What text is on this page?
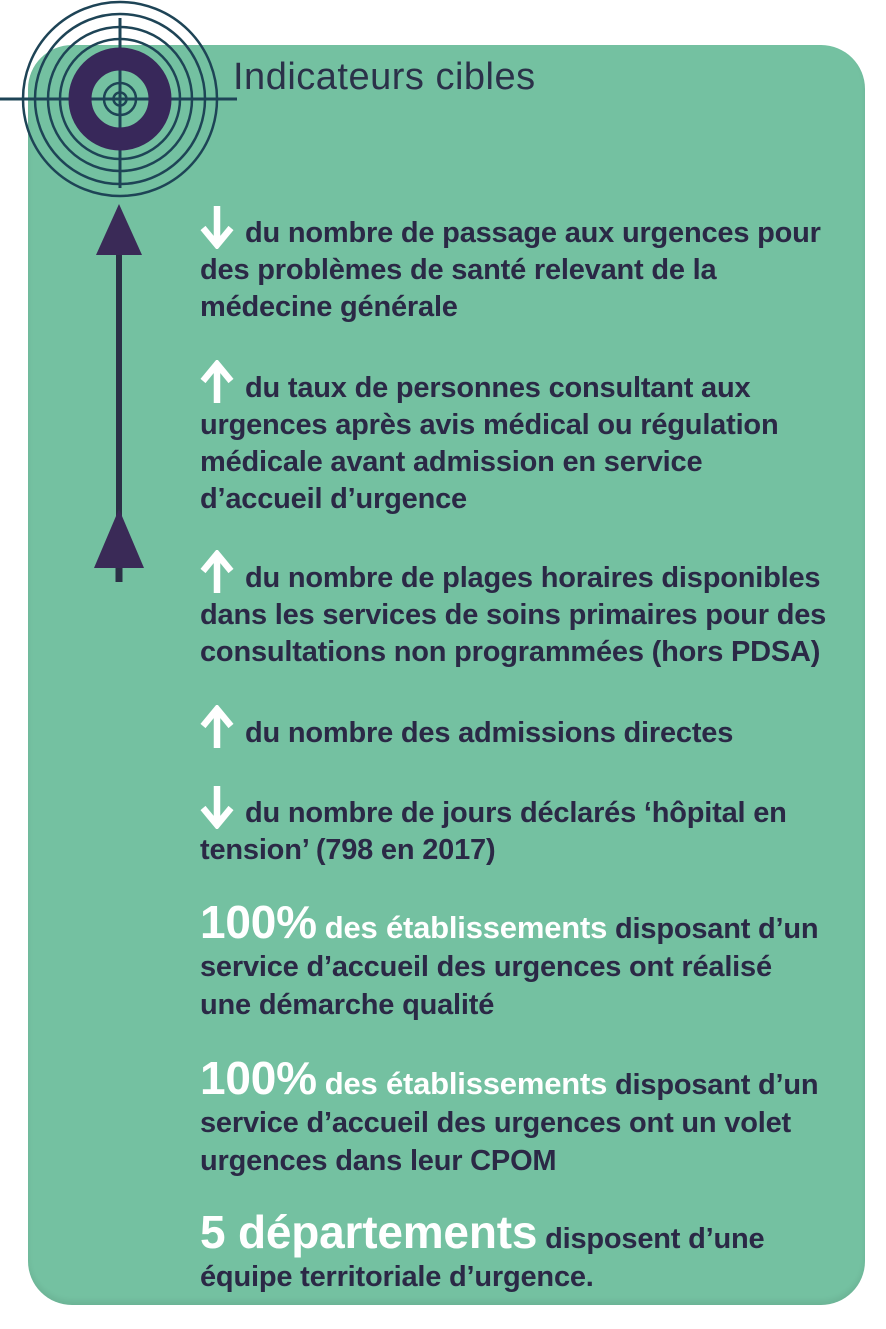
Indicateurs cibles

du nombre de passage aux urgences pour
des problèmes de santé relevant de la
médecine générale

du taux de personnes consultant aux
urgences après avis médical ou régulation
médicale avant admission en service
d’accueil d’urgence

du nombre de plages horaires disponibles
dans les services de soins primaires pour des
consultations non programmées (hors PDSA)

du nombre des admissions directes

du nombre de jours déclarés ‘hôpital en
tension’ (798 en 2017)

100% des établissements disposant d’un
service d’accueil des urgences ont réalisé
une démarche qualité

100% des établissements disposant d’un
service d’accueil des urgences ont un volet
urgences dans leur CPOM

5 départements disposent d’une
équipe territoriale d’urgence.
